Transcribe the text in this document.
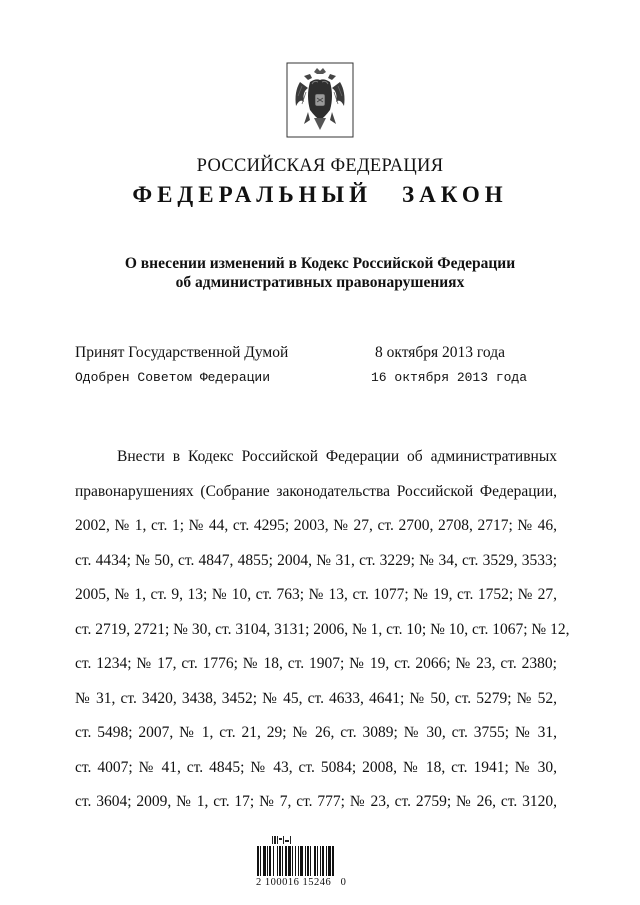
РОССИЙСКАЯ ФЕДЕРАЦИЯ
ФЕДЕРАЛЬНЫЙ ЗАКОН
О внесении изменений в Кодекс Российской Федерации
об административных правонарушениях
Принят Государственной Думой	8 октября 2013 года
Одобрен Советом Федерации	16 октября 2013 года
Внести в Кодекс Российской Федерации об административных
правонарушениях (Собрание законодательства Российской Федерации,
2002, № 1, ст. 1; № 44, ст. 4295; 2003, № 27, ст. 2700, 2708, 2717; № 46,
ст. 4434; № 50, ст. 4847, 4855; 2004, № 31, ст. 3229; № 34, ст. 3529, 3533;
2005, № 1, ст. 9, 13; № 10, ст. 763; № 13, ст. 1077; № 19, ст. 1752; № 27,
ст. 2719, 2721; № 30, ст. 3104, 3131; 2006, № 1, ст. 10; № 10, ст. 1067; № 12,
ст. 1234; № 17, ст. 1776; № 18, ст. 1907; № 19, ст. 2066; № 23, ст. 2380;
№ 31, ст. 3420, 3438, 3452; № 45, ст. 4633, 4641; № 50, ст. 5279; № 52,
ст. 5498; 2007, № 1, ст. 21, 29; № 26, ст. 3089; № 30, ст. 3755; № 31,
ст. 4007; № 41, ст. 4845; № 43, ст. 5084; 2008, № 18, ст. 1941; № 30,
ст. 3604; 2009, № 1, ст. 17; № 7, ст. 777; № 23, ст. 2759; № 26, ст. 3120,
2 100016 15246   0
